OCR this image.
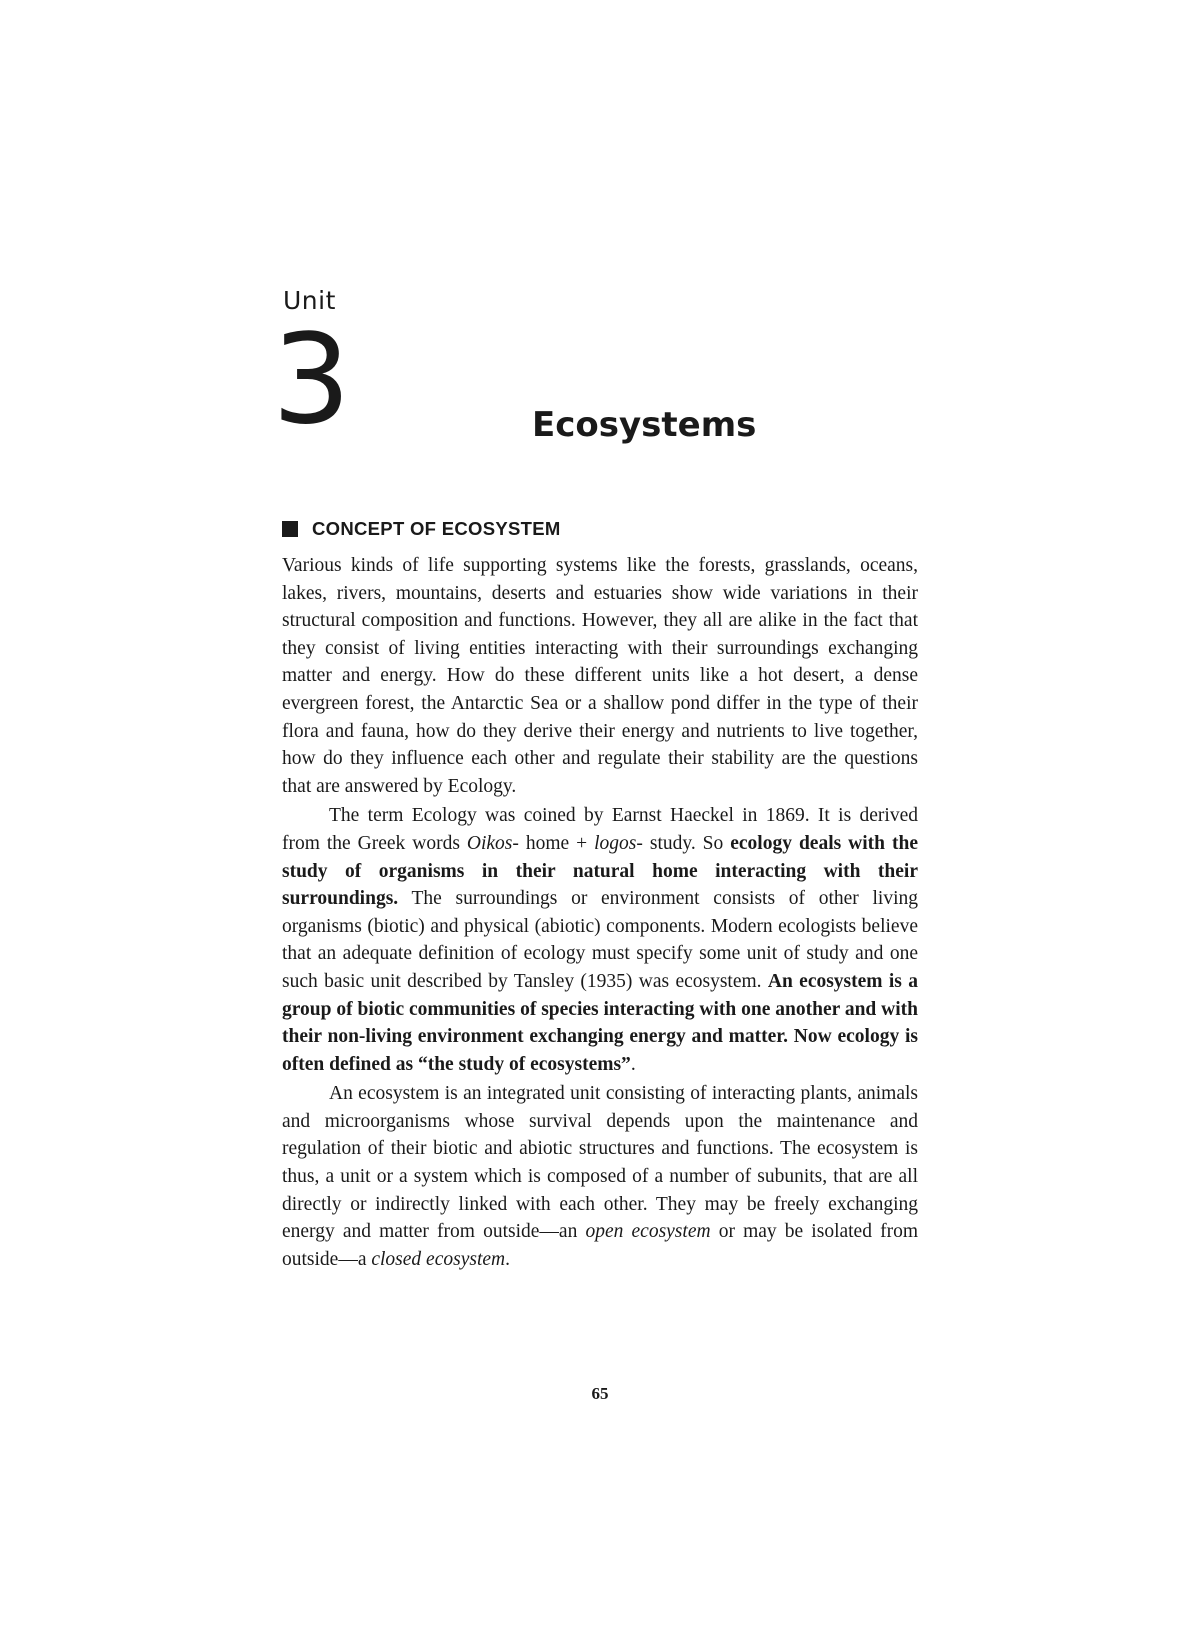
Unit
3	Ecosystems
CONCEPT OF ECOSYSTEM

Various kinds of life supporting systems like the forests, grasslands, oceans, lakes, rivers, mountains, deserts and estuaries show wide variations in their structural composition and functions. However, they all are alike in the fact that they consist of living entities interacting with their surroundings exchanging matter and energy. How do these different units like a hot desert, a dense evergreen forest, the Antarctic Sea or a shallow pond differ in the type of their flora and fauna, how do they derive their energy and nutrients to live together, how do they influence each other and regulate their stability are the questions that are answered by Ecology.

The term Ecology was coined by Earnst Haeckel in 1869. It is derived from the Greek words Oikos- home + logos- study. So ecology deals with the study of organisms in their natural home interacting with their surroundings. The surroundings or environment consists of other living organisms (biotic) and physical (abiotic) components. Modern ecologists believe that an adequate definition of ecology must specify some unit of study and one such basic unit described by Tansley (1935) was ecosystem. An ecosystem is a group of biotic communities of species interacting with one another and with their non-living environment exchanging energy and matter. Now ecology is often defined as “the study of ecosystems”.

An ecosystem is an integrated unit consisting of interacting plants, animals and microorganisms whose survival depends upon the maintenance and regulation of their biotic and abiotic structures and functions. The ecosystem is thus, a unit or a system which is composed of a number of subunits, that are all directly or indirectly linked with each other. They may be freely exchanging energy and matter from outside—an open ecosystem or may be isolated from outside—a closed ecosystem.

65
